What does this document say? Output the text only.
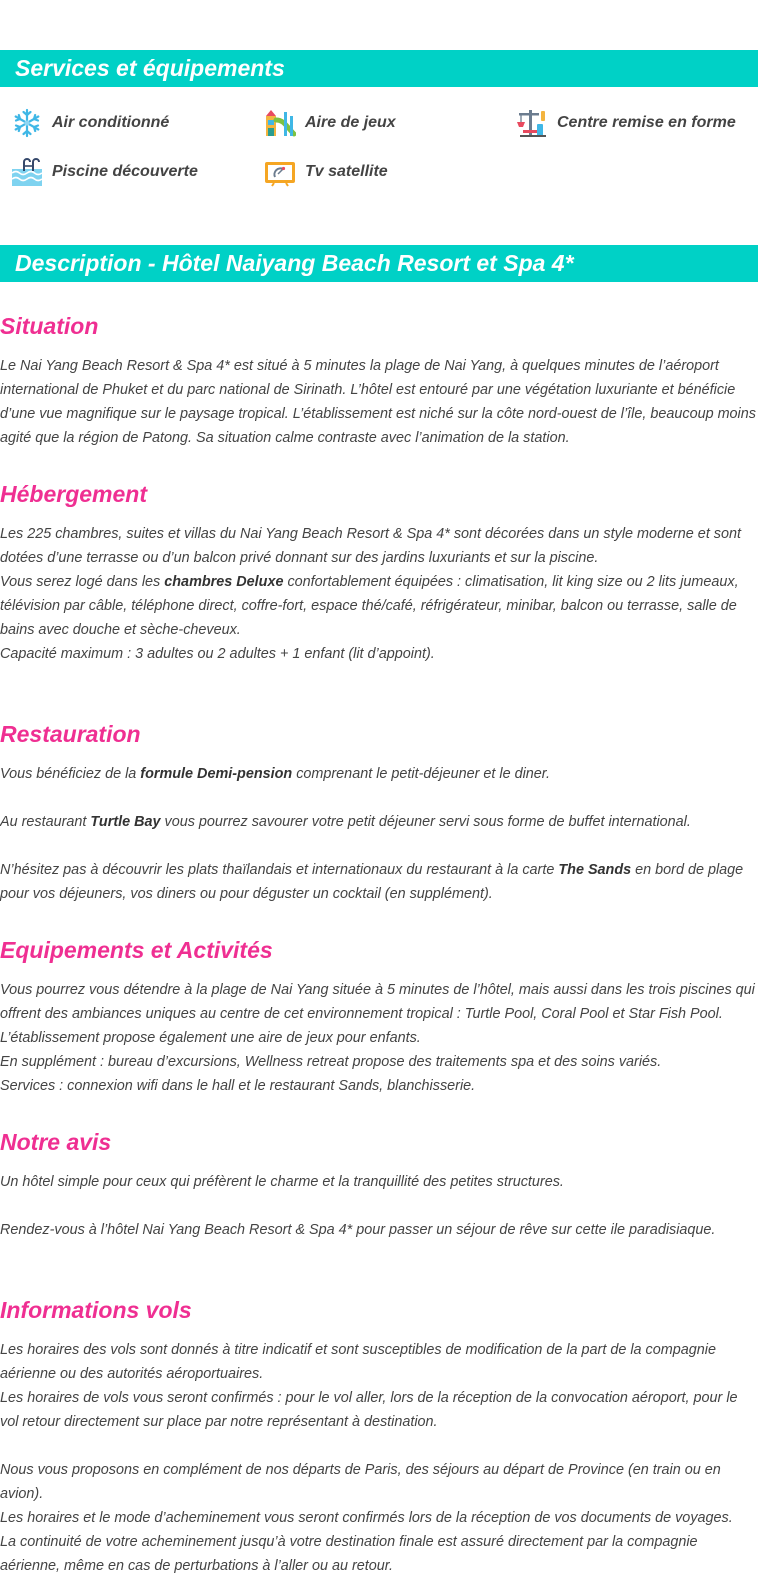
Services et équipements
Air conditionné	Aire de jeux	Centre remise en forme
Piscine découverte	Tv satellite
Description - Hôtel Naiyang Beach Resort et Spa 4*
Situation

Le Nai Yang Beach Resort & Spa 4* est situé à 5 minutes la plage de Nai Yang, à quelques minutes de l’aéroport international de Phuket et du parc national de Sirinath. L’hôtel est entouré par une végétation luxuriante et bénéficie d’une vue magnifique sur le paysage tropical. L’établissement est niché sur la côte nord-ouest de l’île, beaucoup moins agité que la région de Patong. Sa situation calme contraste avec l’animation de la station.

Hébergement
Les 225 chambres, suites et villas du Nai Yang Beach Resort & Spa 4* sont décorées dans un style moderne et sont dotées d’une terrasse ou d’un balcon privé donnant sur des jardins luxuriants et sur la piscine.
Vous serez logé dans les chambres Deluxe confortablement équipées : climatisation, lit king size ou 2 lits jumeaux, télévision par câble, téléphone direct, coffre-fort, espace thé/café, réfrigérateur, minibar, balcon ou terrasse, salle de bains avec douche et sèche-cheveux.
Capacité maximum : 3 adultes ou 2 adultes + 1 enfant (lit d’appoint).
Restauration

Vous bénéficiez de la formule Demi-pension comprenant le petit-déjeuner et le diner.

Au restaurant Turtle Bay vous pourrez savourer votre petit déjeuner servi sous forme de buffet international.

N’hésitez pas à découvrir les plats thaïlandais et internationaux du restaurant à la carte The Sands en bord de plage pour vos déjeuners, vos diners ou pour déguster un cocktail (en supplément).

Equipements et Activités
Vous pourrez vous détendre à la plage de Nai Yang située à 5 minutes de l’hôtel, mais aussi dans les trois piscines qui offrent des ambiances uniques au centre de cet environnement tropical : Turtle Pool, Coral Pool et Star Fish Pool.
L’établissement propose également une aire de jeux pour enfants.
En supplément : bureau d’excursions, Wellness retreat propose des traitements spa et des soins variés.
Services : connexion wifi dans le hall et le restaurant Sands, blanchisserie.
Notre avis

Un hôtel simple pour ceux qui préfèrent le charme et la tranquillité des petites structures.

Rendez-vous à l’hôtel Nai Yang Beach Resort & Spa 4* pour passer un séjour de rêve sur cette ile paradisiaque.

Informations vols
Les horaires des vols sont donnés à titre indicatif et sont susceptibles de modification de la part de la compagnie aérienne ou des autorités aéroportuaires.
Les horaires de vols vous seront confirmés : pour le vol aller, lors de la réception de la convocation aéroport, pour le vol retour directement sur place par notre représentant à destination.
Nous vous proposons en complément de nos départs de Paris, des séjours au départ de Province (en train ou en avion).
Les horaires et le mode d’acheminement vous seront confirmés lors de la réception de vos documents de voyages.
La continuité de votre acheminement jusqu’à votre destination finale est assuré directement par la compagnie aérienne, même en cas de perturbations à l’aller ou au retour.
